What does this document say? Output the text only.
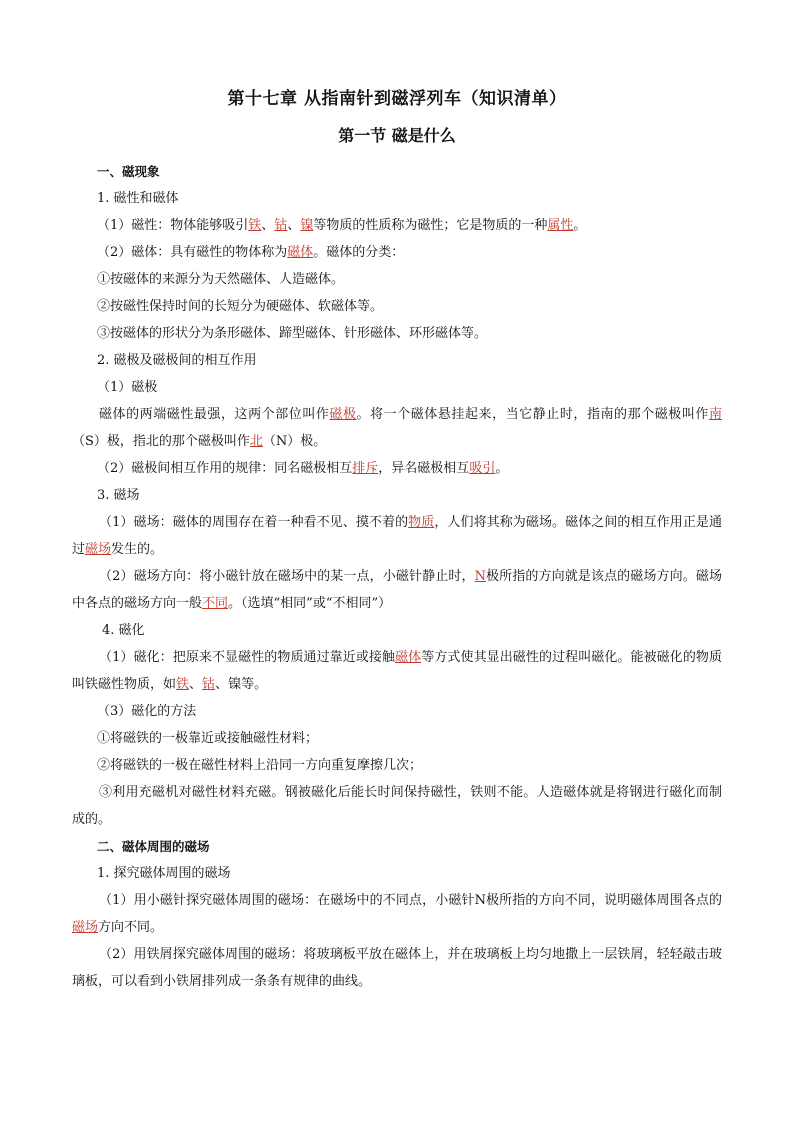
第十七章 从指南针到磁浮列车（知识清单）
第一节 磁是什么
一、磁现象
1. 磁性和磁体
（1）磁性：物体能够吸引铁、钴、镍等物质的性质称为磁性；它是物质的一种属性。
（2）磁体：具有磁性的物体称为磁体。磁体的分类：
①按磁体的来源分为天然磁体、人造磁体。
②按磁性保持时间的长短分为硬磁体、软磁体等。
③按磁体的形状分为条形磁体、蹄型磁体、针形磁体、环形磁体等。
2. 磁极及磁极间的相互作用
（1）磁极
磁体的两端磁性最强，这两个部位叫作磁极。将一个磁体悬挂起来，当它静止时，指南的那个磁极叫作南（S）极，指北的那个磁极叫作北（N）极。
（2）磁极间相互作用的规律：同名磁极相互排斥，异名磁极相互吸引。
3. 磁场
（1）磁场：磁体的周围存在着一种看不见、摸不着的物质，人们将其称为磁场。磁体之间的相互作用正是通过磁场发生的。
（2）磁场方向：将小磁针放在磁场中的某一点，小磁针静止时，N极所指的方向就是该点的磁场方向。磁场中各点的磁场方向一般不同。（选填“相同”或“不相同”）
4. 磁化
（1）磁化：把原来不显磁性的物质通过靠近或接触磁体等方式使其显出磁性的过程叫磁化。能被磁化的物质叫铁磁性物质，如铁、钴、镍等。
（3）磁化的方法
①将磁铁的一极靠近或接触磁性材料；
②将磁铁的一极在磁性材料上沿同一方向重复摩擦几次；
③利用充磁机对磁性材料充磁。钢被磁化后能长时间保持磁性，铁则不能。人造磁体就是将钢进行磁化而制成的。
二、磁体周围的磁场
1. 探究磁体周围的磁场
（1）用小磁针探究磁体周围的磁场：在磁场中的不同点，小磁针N极所指的方向不同，说明磁体周围各点的磁场方向不同。
（2）用铁屑探究磁体周围的磁场：将玻璃板平放在磁体上，并在玻璃板上均匀地撒上一层铁屑，轻轻敲击玻璃板，可以看到小铁屑排列成一条条有规律的曲线。
